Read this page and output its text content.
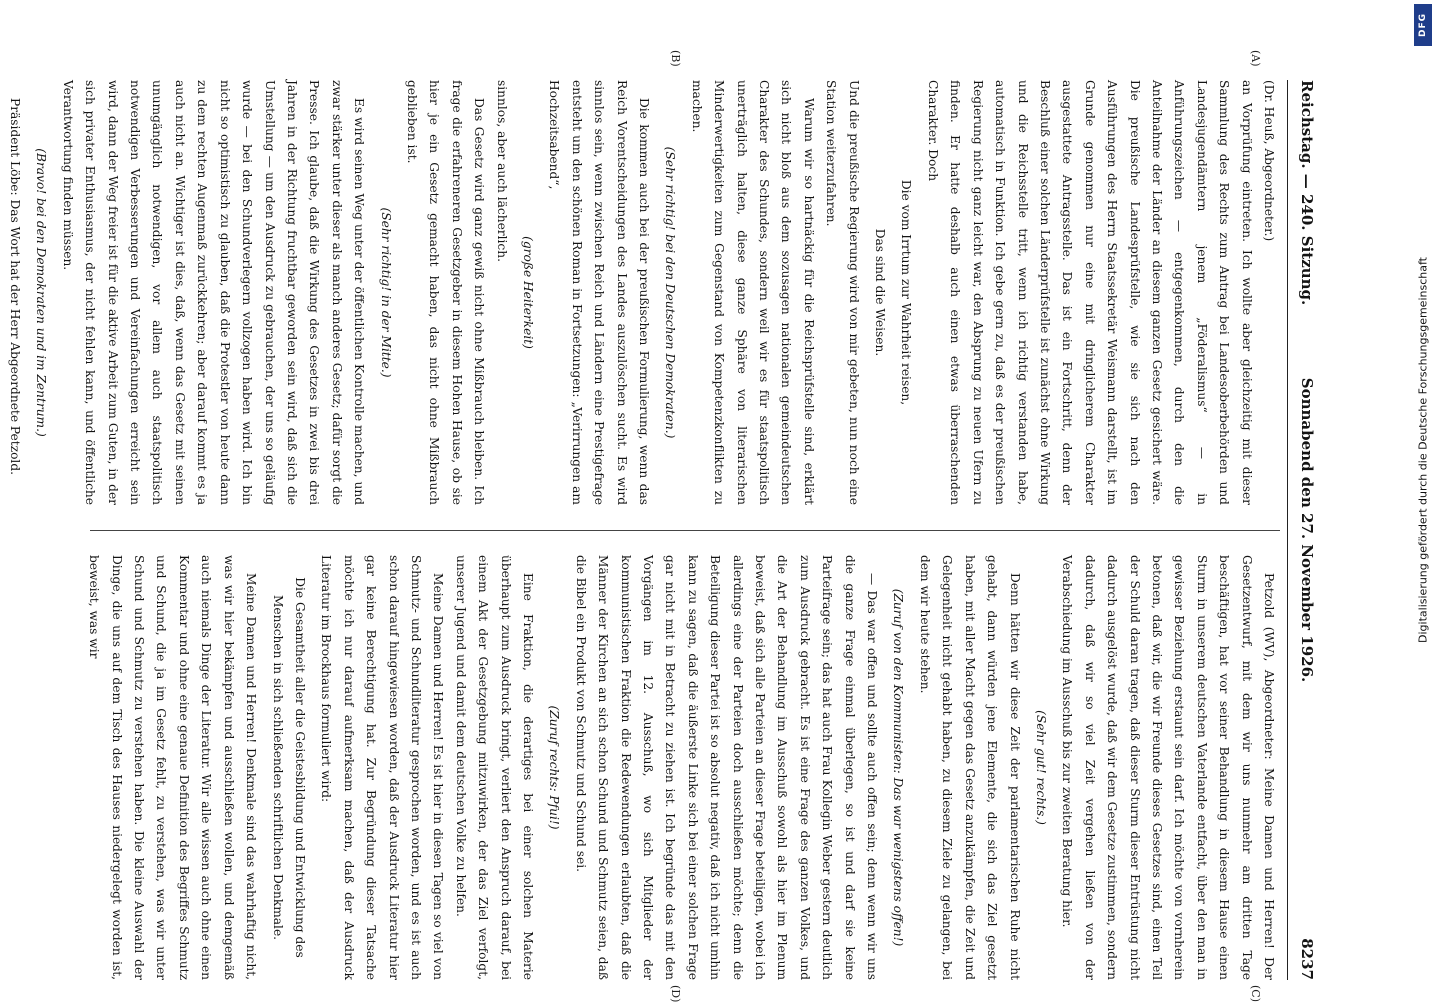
DFG
Digitalisierung gefördert durch die Deutsche Forschungsgemeinschaft
Reichstag. — 240. Sitzung.
Sonnabend den 27. November 1926.
8237

(Dr. Heuß, Abgeordneter.)

an Vorprüfung eintreten. Ich wollte aber gleichzeitig mit dieser Sammlung des Rechts zum Antrag bei Landesoberbehörden und Landesjugendämtern jenem „Föderalismus“ — in Anführungszeichen — entgegenkommen, durch den die Anteilnahme der Länder an diesem ganzen Gesetz gesichert wäre. Die preußische Landesprüfstelle, wie sie sich nach den Ausführungen des Herrn Staatssekretär Weismann darstellt, ist im Grunde genommen nur eine mit dringlicherem Charakter ausgestattete Antragsstelle. Das ist ein Fortschritt, denn der Beschluß einer solchen Länderprüfstelle ist zunächst ohne Wirkung und die Reichsstelle tritt, wenn ich richtig verstanden habe, automatisch in Funktion. Ich gebe gern zu, daß es der preußischen Regierung nicht ganz leicht war, den Absprung zu neuen Ufern zu finden. Er hatte deshalb auch einen etwas überraschenden Charakter. Doch

Die vom Irrtum zur Wahrheit reisen,

Das sind die Weisen.

Und die preußische Regierung wird von mir gebeten, nun noch eine Station weiterzufahren.

Warum wir so hartnäckig für die Reichsprüfstelle sind, erklärt sich nicht bloß aus dem sozusagen nationalen gemeindeutschen Charakter des Schundes, sondern weil wir es für staatspolitisch unerträglich halten, diese ganze Sphäre von literarischen Minderwertigkeiten zum Gegenstand von Kompetenzkonflikten zu machen.

(Sehr richtig! bei den Deutschen Demokraten.)

Die kommen auch bei der preußischen Formulierung, wenn das Reich Vorentscheidungen des Landes auszulöschen sucht. Es wird sinnlos sein, wenn zwischen Reich und Ländern eine Prestigefrage entsteht um den schönen Roman in Fortsetzungen: „Verirrungen am Hochzeitsabend“,

(große Heiterkeit)

sinnlos, aber auch lächerlich.

Das Gesetz wird ganz gewiß nicht ohne Mißbrauch bleiben. Ich frage die erfahreneren Gesetzgeber in diesem Hohen Hause, ob sie hier je ein Gesetz gemacht haben, das nicht ohne Mißbrauch geblieben ist.

(Sehr richtig! in der Mitte.)

Es wird seinen Weg unter der öffentlichen Kontrolle machen, und zwar stärker unter dieser als manch anderes Gesetz; dafür sorgt die Presse. Ich glaube, daß die Wirkung des Gesetzes in zwei bis drei Jahren in der Richtung fruchtbar geworden sein wird, daß sich die Umstellung — um den Ausdruck zu gebrauchen, der uns so geläufig wurde — bei den Schundverlegern vollzogen haben wird. Ich bin nicht so optimistisch zu glauben, daß die Protestler von heute dann zu dem rechten Augenmaß zurückkehren; aber darauf kommt es ja auch nicht an. Wichtiger ist dies, daß, wenn das Gesetz mit seinen unumgänglich notwendigen, vor allem auch staatspolitisch notwendigen Verbesserungen und Vereinfachungen erreicht sein wird, dann der Weg freier ist für die aktive Arbeit zum Guten, in der sich privater Enthusiasmus, der nicht fehlen kann, und öffentliche Verantwortung finden müssen.

(Bravo! bei den Demokraten und im Zentrum.)

Präsident Löbe: Das Wort hat der Herr Abgeordnete Petzold.

Petzold (WV), Abgeordneter: Meine Damen und Herren! Der Gesetzentwurf, mit dem wir uns nunmehr am dritten Tage beschäftigen, hat vor seiner Behandlung in diesem Hause einen Sturm in unserem deutschen Vaterlande entfacht, über den man in gewisser Beziehung erstaunt sein darf. Ich möchte von vornherein betonen, daß wir, die wir Freunde dieses Gesetzes sind, einen Teil der Schuld daran tragen, daß dieser Sturm dieser Entrüstung nicht dadurch ausgelöst wurde, daß wir dem Gesetze zustimmen, sondern dadurch, daß wir so viel Zeit vergehen ließen von der Verabschiedung im Ausschuß bis zur zweiten Beratung hier.

(Sehr gut! rechts.)

Denn hätten wir diese Zeit der parlamentarischen Ruhe nicht gehabt, dann würden jene Elemente, die sich das Ziel gesetzt haben, mit aller Macht gegen das Gesetz anzukämpfen, die Zeit und Gelegenheit nicht gehabt haben, zu diesem Ziele zu gelangen, bei dem wir heute stehen.

(Zuruf von den Kommunisten: Das war wenigstens offen!)

— Das war offen und sollte auch offen sein; denn wenn wir uns die ganze Frage einmal überlegen, so ist und darf sie keine Parteifrage sein; das hat auch Frau Kollegin Weber gestern deutlich zum Ausdruck gebracht. Es ist eine Frage des ganzen Volkes, und die Art der Behandlung im Ausschuß sowohl als hier im Plenum beweist, daß sich alle Parteien an dieser Frage beteiligen, wobei ich allerdings eine der Parteien doch ausschließen möchte; denn die Beteiligung dieser Partei ist so absolut negativ, daß ich nicht umhin kann zu sagen, daß die äußerste Linke sich bei einer solchen Frage gar nicht mit in Betracht zu ziehen ist. Ich begründe das mit den Vorgängen im 12. Ausschuß, wo sich Mitglieder der kommunistischen Fraktion die Redewendungen erlaubten, daß die Männer der Kirchen an sich schon Schund und Schmutz seien, daß die Bibel ein Produkt von Schmutz und Schund sei.

(Zuruf rechts: Pfui!)

Eine Fraktion, die derartiges bei einer solchen Materie überhaupt zum Ausdruck bringt, verliert den Anspruch darauf, bei einem Akt der Gesetzgebung mitzuwirken, der das Ziel verfolgt, unserer Jugend und damit dem deutschen Volke zu helfen.

Meine Damen und Herren! Es ist hier in diesen Tagen so viel von Schmutz- und Schundliteratur gesprochen worden, und es ist auch schon darauf hingewiesen worden, daß der Ausdruck Literatur hier gar keine Berechtigung hat. Zur Begründung dieser Tatsache möchte ich nur darauf aufmerksam machen, daß der Ausdruck Literatur im Brockhaus formuliert wird:

Die Gesamtheit aller die Geistesbildung und Entwicklung des Menschen in sich schließenden schriftlichen Denkmale.

Meine Damen und Herren! Denkmale sind das wahrhaftig nicht, was wir hier bekämpfen und ausschließen wollen, und demgemäß auch niemals Dinge der Literatur. Wir alle wissen auch ohne einen Kommentar und ohne eine genaue Definition des Begriffes Schmutz und Schund, die ja im Gesetz fehlt, zu verstehen, was wir unter Schund und Schmutz zu verstehen haben. Die kleine Auswahl der Dinge, die uns auf dem Tisch des Hauses niedergelegt worden ist, beweist, was wir

(A)
(B)
(C)
(D)
